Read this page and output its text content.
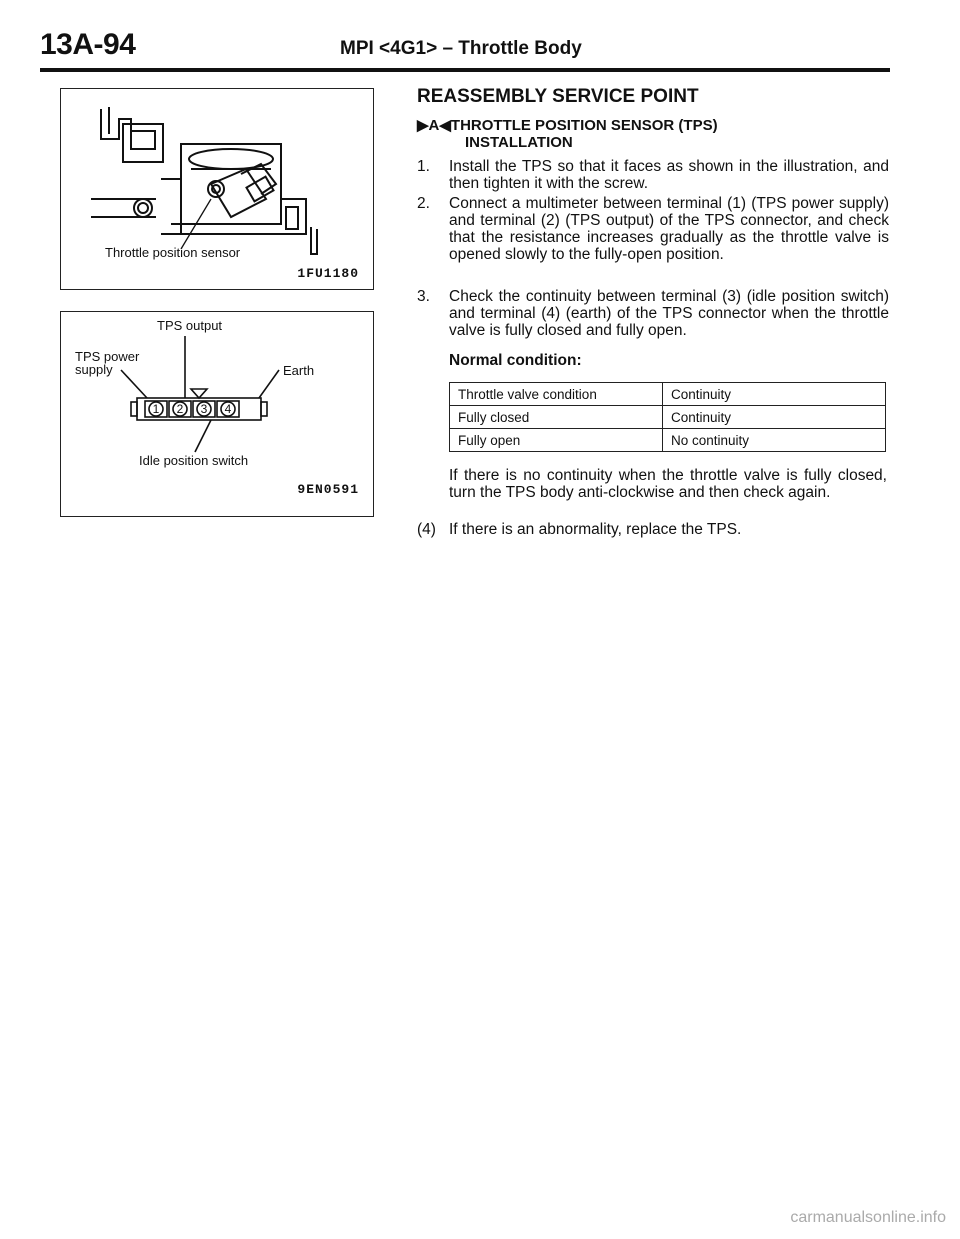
13A-94	MPI <4G1> – Throttle Body
Throttle position sensor
1FU1180
1 2 3 4
TPS output
TPS power
supply	Earth
Idle position switch
9EN0591
REASSEMBLY SERVICE POINT
▶A◀THROTTLE POSITION SENSOR (TPS)
INSTALLATION
1. Install the TPS so that it faces as shown in the illustration, and then tighten it with the screw.
2. Connect a multimeter between terminal (1) (TPS power supply) and terminal (2) (TPS output) of the TPS connector, and check that the resistance increases gradually as the throttle valve is opened slowly to the fully-open position.
3. Check the continuity between terminal (3) (idle position switch) and terminal (4) (earth) of the TPS connector when the throttle valve is fully closed and fully open.
Normal condition:
Throttle valve condition	Continuity
Fully closed	Continuity
Fully open	No continuity
If there is no continuity when the throttle valve is fully closed, turn the TPS body anti-clockwise and then check again.
(4) If there is an abnormality, replace the TPS.
carmanualsonline.info
